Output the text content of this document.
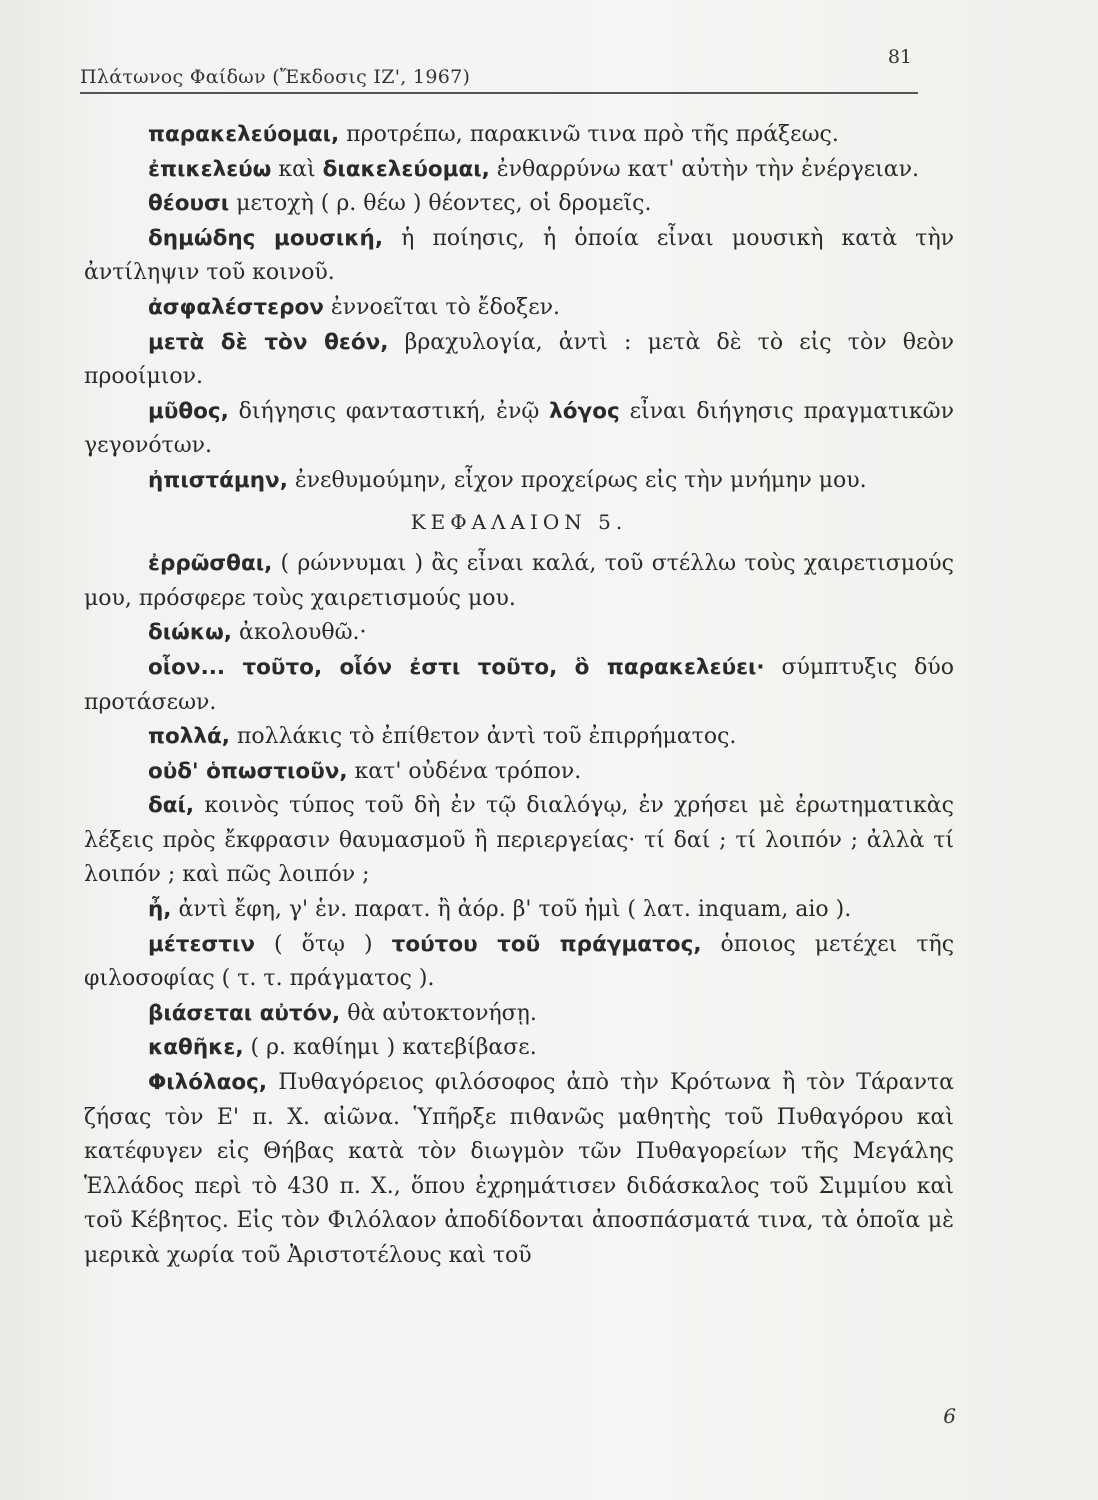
Πλάτωνος Φαίδων (Ἔκδοσις ΙΖ', 1967)
81

παρακελεύομαι, προτρέπω, παρακινῶ τινα πρὸ τῆς πράξεως.

ἐπικελεύω καὶ διακελεύομαι, ἐνθαρρύνω κατ' αὐτὴν τὴν ἐνέργειαν.

θέουσι μετοχὴ ( ρ. θέω ) θέοντες, οἱ δρομεῖς.

δημώδης μουσική, ἡ ποίησις, ἡ ὁποία εἶναι μουσικὴ κατὰ τὴν ἀντίληψιν τοῦ κοινοῦ.

ἀσφαλέστερον ἐννοεῖται τὸ ἔδοξεν.

μετὰ δὲ τὸν θεόν, βραχυλογία, ἀντὶ : μετὰ δὲ τὸ εἰς τὸν θεὸν προοίμιον.

μῦθος, διήγησις φανταστική, ἐνῷ λόγος εἶναι διήγησις πραγματικῶν γεγονότων.

ἠπιστάμην, ἐνεθυμούμην, εἶχον προχείρως εἰς τὴν μνήμην μου.

ΚΕΦΑΛΑΙΟΝ 5.

ἐρρῶσθαι, ( ρώννυμαι ) ἂς εἶναι καλά, τοῦ στέλλω τοὺς χαιρετισμούς μου, πρόσφερε τοὺς χαιρετισμούς μου.

διώκω, ἀκολουθῶ.·

οἷον... τοῦτο, οἷόν ἐστι τοῦτο, ὃ παρακελεύει· σύμπτυξις δύο προτάσεων.

πολλά, πολλάκις τὸ ἐπίθετον ἀντὶ τοῦ ἐπιρρήματος.

οὐδ' ὁπωστιοῦν, κατ' οὐδένα τρόπον.

δαί, κοινὸς τύπος τοῦ δὴ ἐν τῷ διαλόγῳ, ἐν χρήσει μὲ ἐρωτηματικὰς λέξεις πρὸς ἔκφρασιν θαυμασμοῦ ἢ περιεργείας· τί δαί ; τί λοιπόν ; ἀλλὰ τί λοιπόν ; καὶ πῶς λοιπόν ;

ἦ, ἀντὶ ἔφη, γ' ἑν. παρατ. ἢ ἀόρ. β' τοῦ ἠμὶ ( λατ. inquam, aio ).

μέτεστιν ( ὅτῳ ) τούτου τοῦ πράγματος, ὁποιος μετέχει τῆς φιλοσοφίας ( τ. τ. πράγματος ).

βιάσεται αὐτόν, θὰ αὐτοκτονήσῃ.

καθῆκε, ( ρ. καθίημι ) κατεβίβασε.

Φιλόλαος, Πυθαγόρειος φιλόσοφος ἀπὸ τὴν Κρότωνα ἢ τὸν Τάραντα ζήσας τὸν Ε' π. Χ. αἰῶνα. Ὑπῆρξε πιθανῶς μαθητὴς τοῦ Πυθαγόρου καὶ κατέφυγεν εἰς Θήβας κατὰ τὸν διωγμὸν τῶν Πυθαγορείων τῆς Μεγάλης Ἑλλάδος περὶ τὸ 430 π. Χ., ὅπου ἐχρημάτισεν διδάσκαλος τοῦ Σιμμίου καὶ τοῦ Κέβητος. Εἰς τὸν Φιλόλαον ἀποδίδονται ἀποσπάσματά τινα, τὰ ὁποῖα μὲ μερικὰ χωρία τοῦ Ἀριστοτέλους καὶ τοῦ

6
